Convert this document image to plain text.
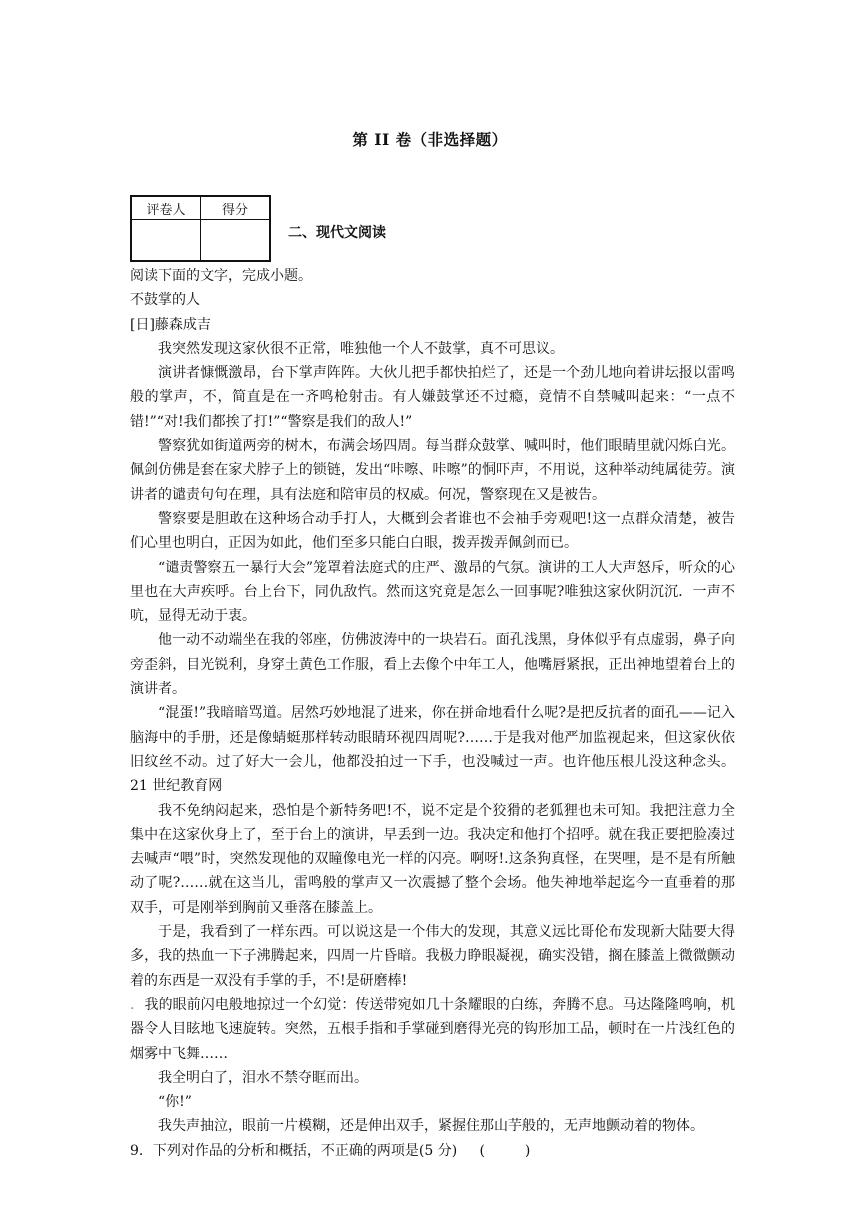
第 II 卷（非选择题）
评卷人	得分

二、现代文阅读

阅读下面的文字，完成小题。

不鼓掌的人

[日]藤森成吉

我突然发现这家伙很不正常，唯独他一个人不鼓掌，真不可思议。

演讲者慷慨激昂，台下掌声阵阵。大伙儿把手都快拍烂了，还是一个劲儿地向着讲坛报以雷鸣般的掌声，不，简直是在一齐鸣枪射击。有人嫌鼓掌还不过瘾，竟情不自禁喊叫起来：“一点不错!”“对!我们都挨了打!”“警察是我们的敌人!”

警察犹如街道两旁的树木，布满会场四周。每当群众鼓掌、喊叫时，他们眼睛里就闪烁白光。佩剑仿佛是套在家犬脖子上的锁链，发出“咔嚓、咔嚓”的恫吓声，不用说，这种举动纯属徒劳。演讲者的谴责句句在理，具有法庭和陪审员的权威。何况，警察现在又是被告。

警察要是胆敢在这种场合动手打人，大概到会者谁也不会袖手旁观吧!这一点群众清楚，被告们心里也明白，正因为如此，他们至多只能白白眼，拨弄拨弄佩剑而已。

“谴责警察五一暴行大会”笼罩着法庭式的庄严、激昂的气氛。演讲的工人大声怒斥，听众的心里也在大声疾呼。台上台下，同仇敌忾。然而这究竟是怎么一回事呢?唯独这家伙阴沉沉．一声不吭，显得无动于衷。

他一动不动端坐在我的邻座，仿佛波涛中的一块岩石。面孔浅黑，身体似乎有点虚弱，鼻子向旁歪斜，目光锐利，身穿土黄色工作服，看上去像个中年工人，他嘴唇紧抿，正出神地望着台上的演讲者。

“混蛋!”我暗暗骂道。居然巧妙地混了进来，你在拼命地看什么呢?是把反抗者的面孔——记入脑海中的手册，还是像蜻蜓那样转动眼睛环视四周呢?……于是我对他严加监视起来，但这家伙依旧纹丝不动。过了好大一会儿，他都没拍过一下手，也没喊过一声。也许他压根儿没这种念头。21 世纪教育网

我不免纳闷起来，恐怕是个新特务吧!不，说不定是个狡猾的老狐狸也未可知。我把注意力全集中在这家伙身上了，至于台上的演讲，早丢到一边。我决定和他打个招呼。就在我正要把脸凑过去喊声“喂”时，突然发现他的双瞳像电光一样的闪亮。啊呀!.这条狗真怪，在哭哩，是不是有所触动了呢?……就在这当儿，雷鸣般的掌声又一次震撼了整个会场。他失神地举起迄今一直垂着的那双手，可是刚举到胸前又垂落在膝盖上。

于是，我看到了一样东西。可以说这是一个伟大的发现，其意义远比哥伦布发现新大陆要大得多，我的热血一下子沸腾起来，四周一片昏暗。我极力睁眼凝视，确实没错，搁在膝盖上微微颤动着的东西是一双没有手掌的手，不!是研磨棒!

. 我的眼前闪电般地掠过一个幻觉：传送带宛如几十条耀眼的白练，奔腾不息。马达隆隆鸣响，机器令人目眩地飞速旋转。突然，五根手指和手掌碰到磨得光亮的钩形加工品，顿时在一片浅红色的烟雾中飞舞……

我全明白了，泪水不禁夺眶而出。

“你!”

我失声抽泣，眼前一片模糊，还是伸出双手，紧握住那山芋般的，无声地颤动着的物体。

9．下列对作品的分析和概括，不正确的两项是(5 分) (	)
